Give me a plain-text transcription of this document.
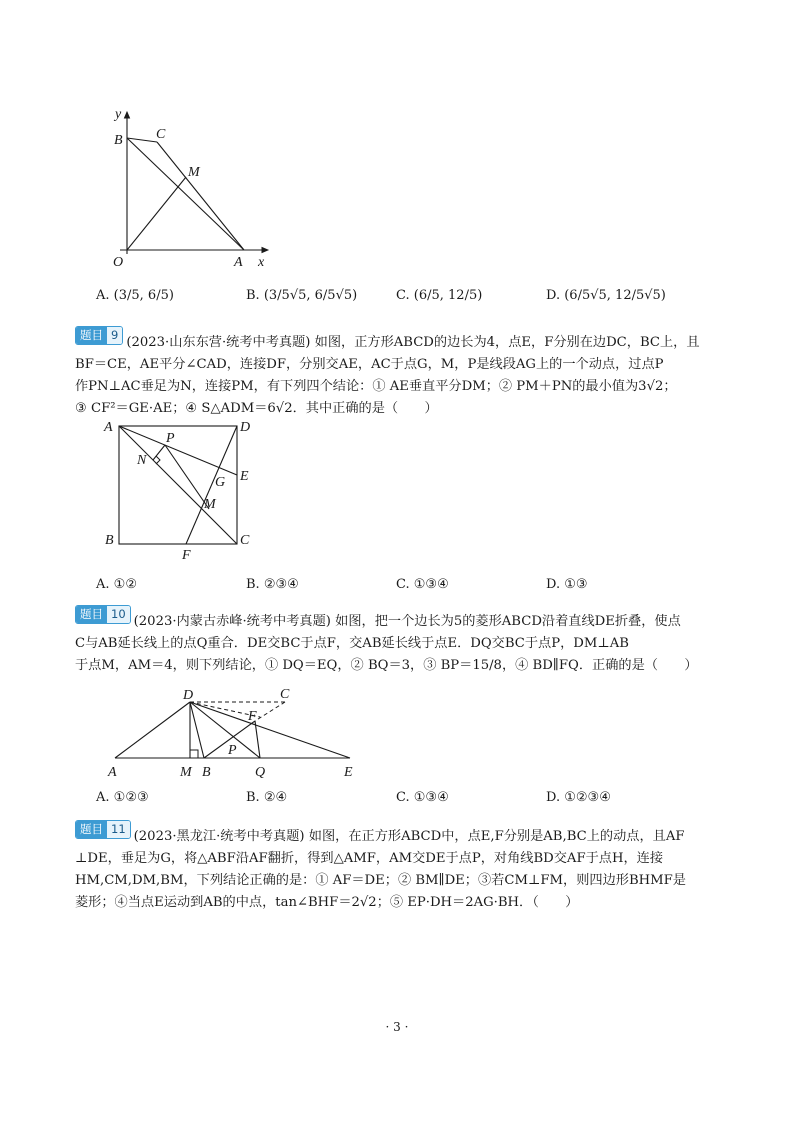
y
B C
M
O	A x
A. (3/5, 6/5)	B. (3/5√5, 6/5√5)	C. (6/5, 12/5)	D. (6/5√5, 12/5√5)
题目 9 (2023·山东东营·统考中考真题) 如图，正方形ABCD的边长为4，点E，F分别在边DC，BC上，且
BF＝CE，AE平分∠CAD，连接DF，分别交AE，AC于点G，M，P是线段AG上的一个动点，过点P
作PN⊥AC垂足为N，连接PM，有下列四个结论：① AE垂直平分DM；② PM＋PN的最小值为3√2；
③ CF²＝GE·AE；④ S△ADM＝6√2．其中正确的是（　　）
A	D
P
N
E
G
M
B
F
C
A. ①②	B. ②③④	C. ①③④	D. ①③
题目 10 (2023·内蒙古赤峰·统考中考真题) 如图，把一个边长为5的菱形ABCD沿着直线DE折叠，使点
C与AB延长线上的点Q重合．DE交BC于点F，交AB延长线于点E．DQ交BC于点P，DM⊥AB
于点M，AM＝4，则下列结论，① DQ＝EQ，② BQ＝3，③ BP＝15/8，④ BD∥FQ．正确的是（　　）
D	C
F
P
A	M B	Q	E
A. ①②③	B. ②④	C. ①③④	D. ①②③④
题目 11 (2023·黑龙江·统考中考真题) 如图，在正方形ABCD中，点E,F分别是AB,BC上的动点，且AF
⊥DE，垂足为G，将△ABF沿AF翻折，得到△AMF，AM交DE于点P，对角线BD交AF于点H，连接
HM,CM,DM,BM，下列结论正确的是：① AF＝DE；② BM∥DE；③若CM⊥FM，则四边形BHMF是
菱形；④当点E运动到AB的中点，tan∠BHF＝2√2；⑤ EP·DH＝2AG·BH．（　　）
· 3 ·
